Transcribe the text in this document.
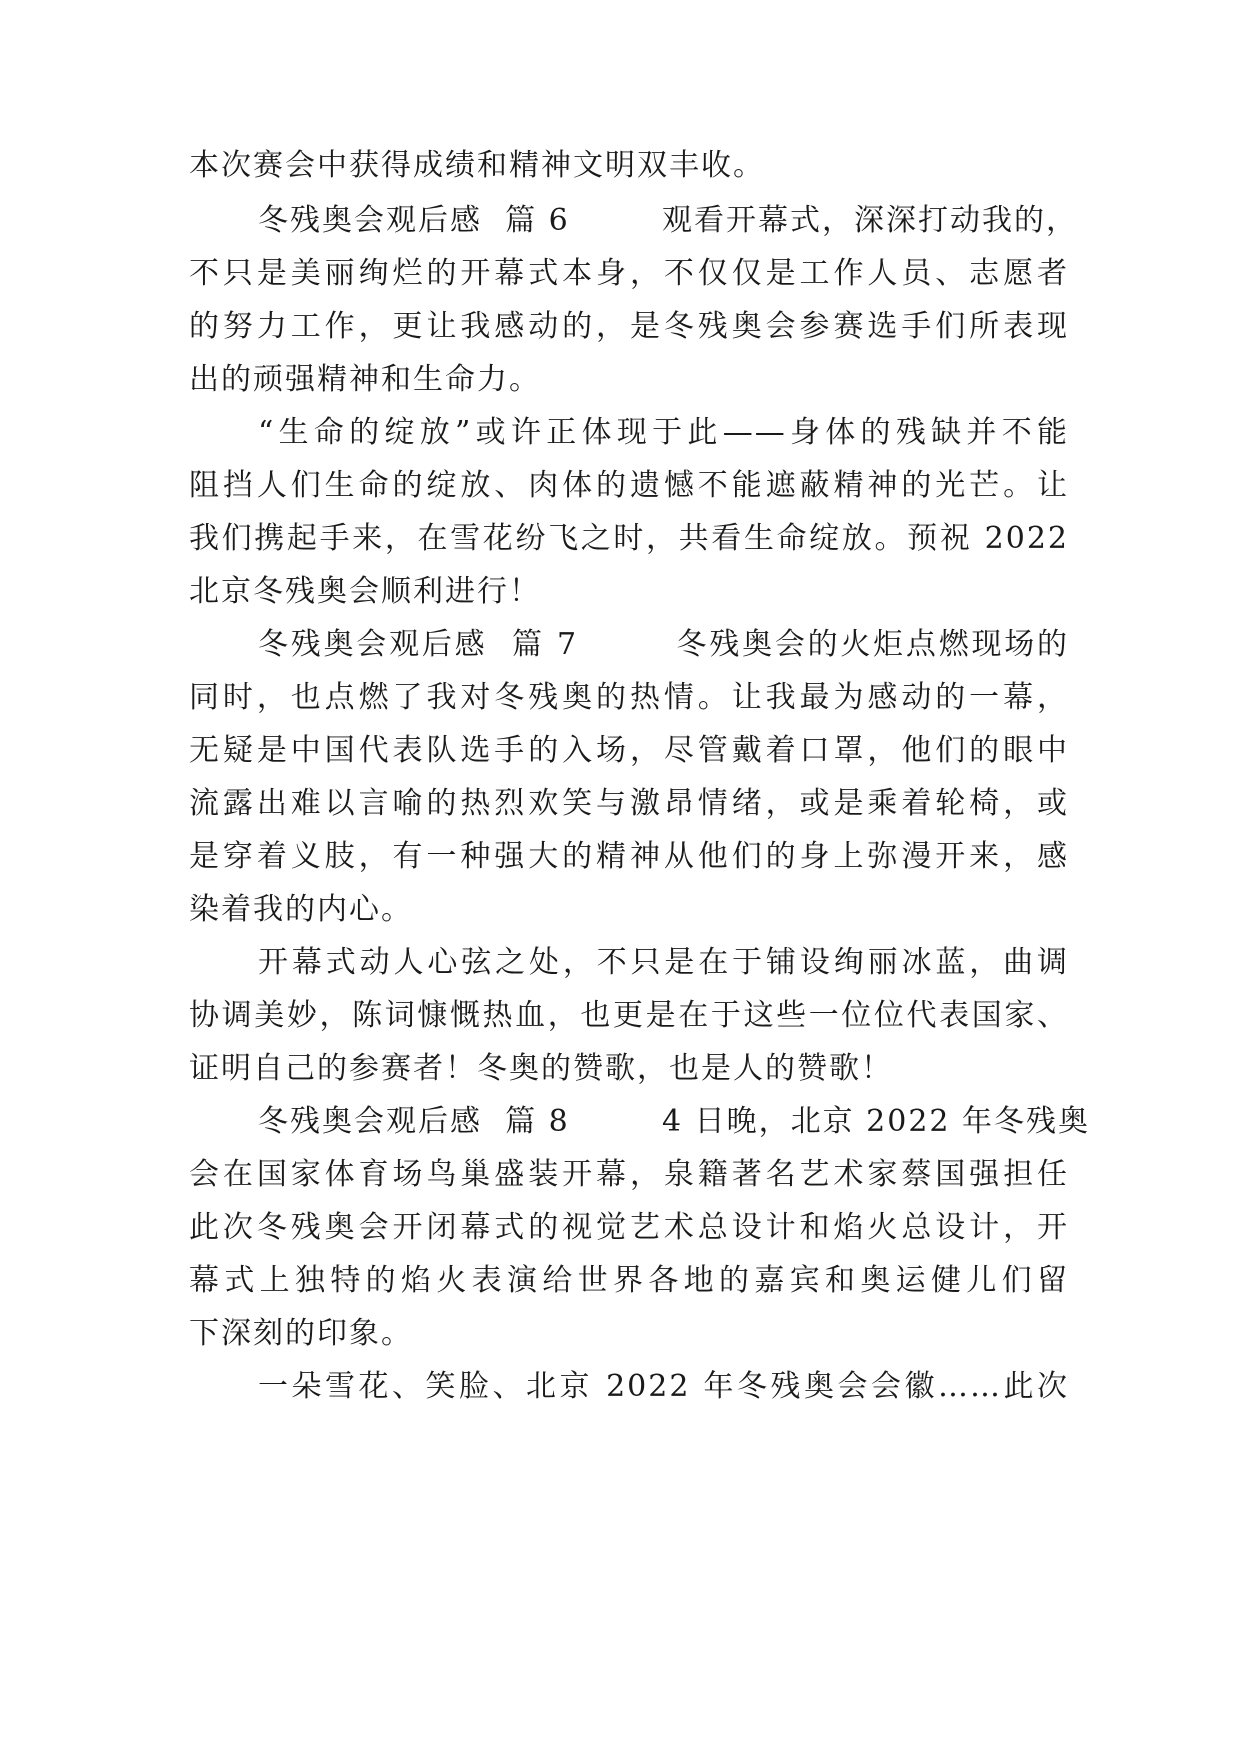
本次赛会中获得成绩和精神文明双丰收。
冬残奥会观后感  篇 6        观看开幕式，深深打动我的，
不只是美丽绚烂的开幕式本身，不仅仅是工作人员、志愿者
的努力工作，更让我感动的，是冬残奥会参赛选手们所表现
出的顽强精神和生命力。
“生命的绽放”或许正体现于此——身体的残缺并不能
阻挡人们生命的绽放、肉体的遗憾不能遮蔽精神的光芒。让
我们携起手来，在雪花纷飞之时，共看生命绽放。预祝 2022
北京冬残奥会顺利进行！
冬残奥会观后感  篇 7        冬残奥会的火炬点燃现场的
同时，也点燃了我对冬残奥的热情。让我最为感动的一幕，
无疑是中国代表队选手的入场，尽管戴着口罩，他们的眼中
流露出难以言喻的热烈欢笑与激昂情绪，或是乘着轮椅，或
是穿着义肢，有一种强大的精神从他们的身上弥漫开来，感
染着我的内心。
开幕式动人心弦之处，不只是在于铺设绚丽冰蓝，曲调
协调美妙，陈词慷慨热血，也更是在于这些一位位代表国家、
证明自己的参赛者！冬奥的赞歌，也是人的赞歌！
冬残奥会观后感  篇 8        4 日晚，北京 2022 年冬残奥
会在国家体育场鸟巢盛装开幕，泉籍著名艺术家蔡国强担任
此次冬残奥会开闭幕式的视觉艺术总设计和焰火总设计，开
幕式上独特的焰火表演给世界各地的嘉宾和奥运健儿们留
下深刻的印象。
一朵雪花、笑脸、北京 2022 年冬残奥会会徽……此次
